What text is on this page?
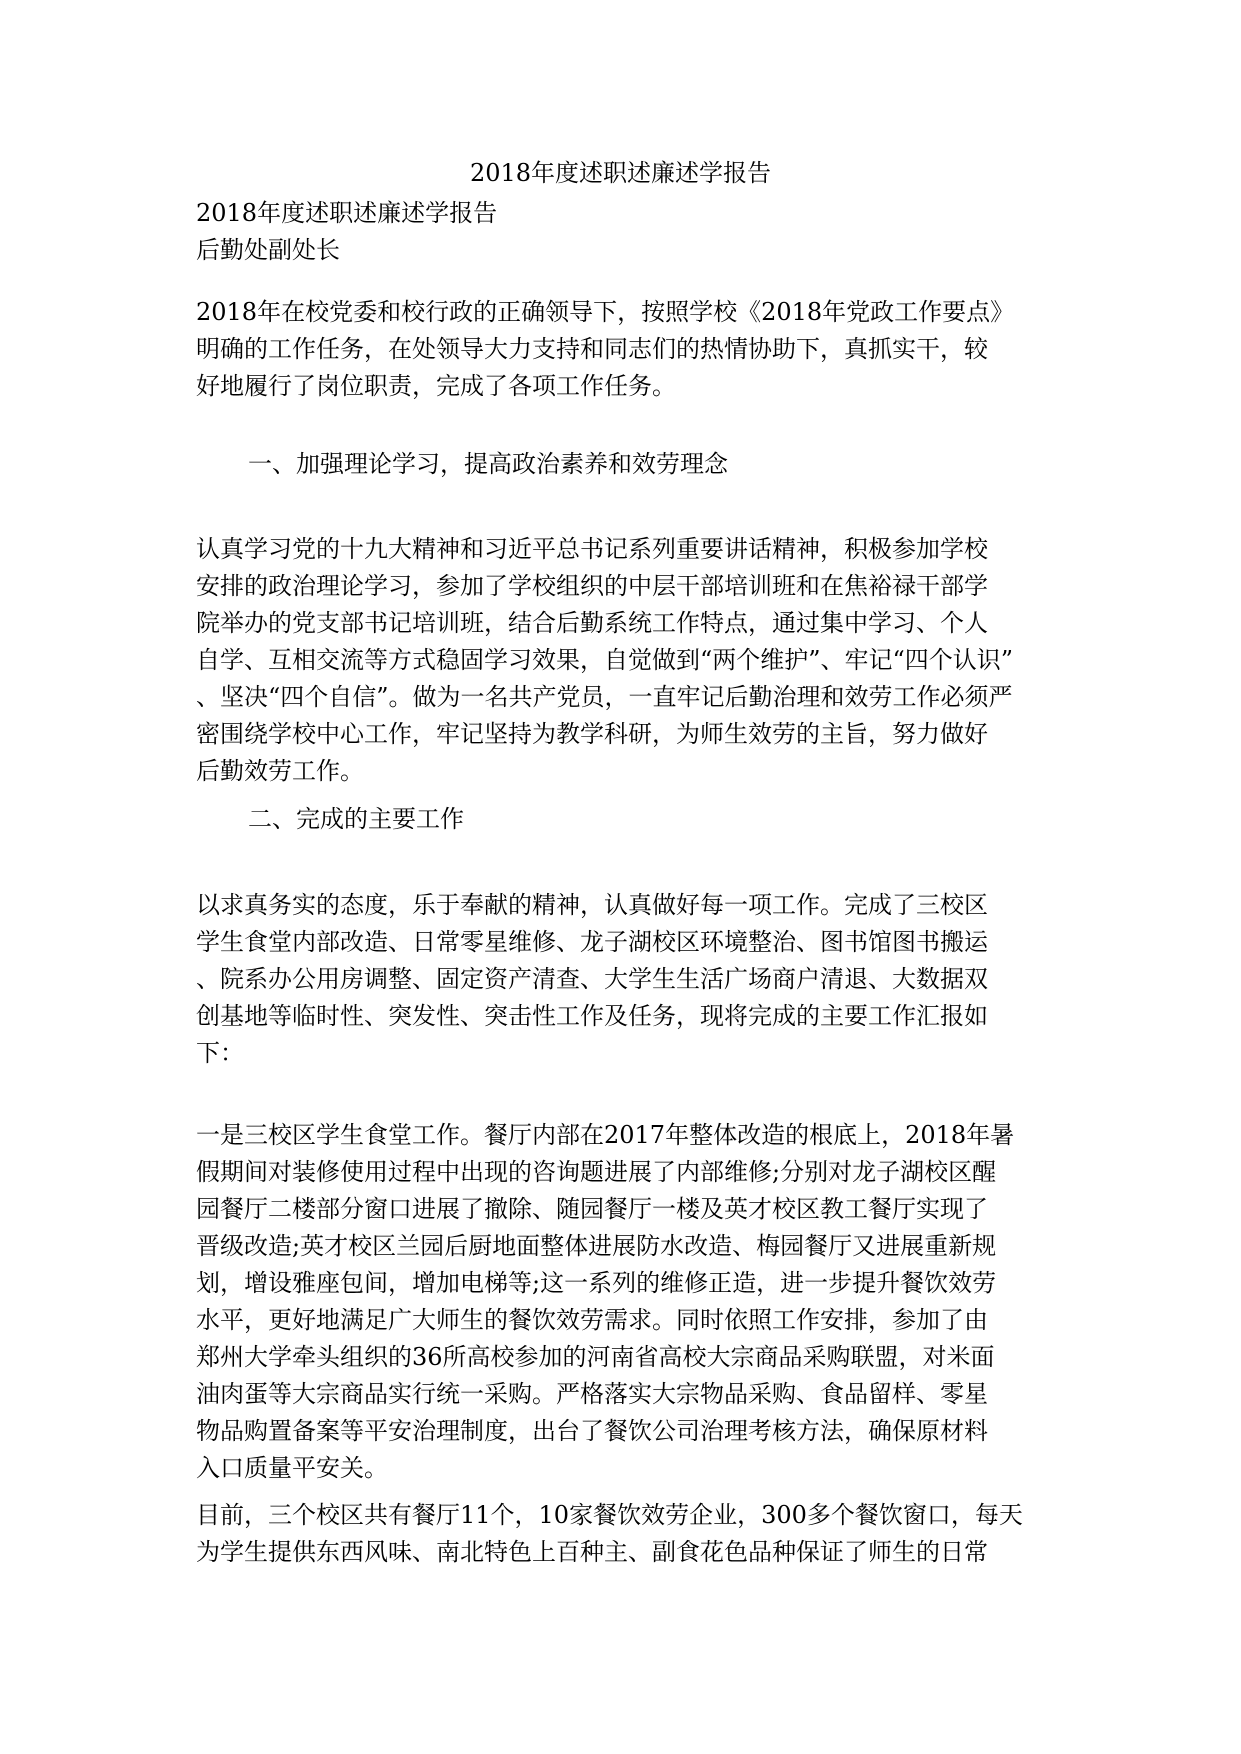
2018年度述职述廉述学报告
2018年度述职述廉述学报告
后勤处副处长
2018年在校党委和校行政的正确领导下，按照学校《2018年党政工作要点》
明确的工作任务，在处领导大力支持和同志们的热情协助下，真抓实干，较
好地履行了岗位职责，完成了各项工作任务。
一、加强理论学习，提高政治素养和效劳理念
认真学习党的十九大精神和习近平总书记系列重要讲话精神，积极参加学校
安排的政治理论学习，参加了学校组织的中层干部培训班和在焦裕禄干部学
院举办的党支部书记培训班，结合后勤系统工作特点，通过集中学习、个人
自学、互相交流等方式稳固学习效果，自觉做到“两个维护”、牢记“四个认识”
、坚决“四个自信”。做为一名共产党员，一直牢记后勤治理和效劳工作必须严
密围绕学校中心工作，牢记坚持为教学科研，为师生效劳的主旨，努力做好
后勤效劳工作。
二、完成的主要工作
以求真务实的态度，乐于奉献的精神，认真做好每一项工作。完成了三校区
学生食堂内部改造、日常零星维修、龙子湖校区环境整治、图书馆图书搬运
、院系办公用房调整、固定资产清查、大学生生活广场商户清退、大数据双
创基地等临时性、突发性、突击性工作及任务，现将完成的主要工作汇报如
下：
一是三校区学生食堂工作。餐厅内部在2017年整体改造的根底上，2018年暑
假期间对装修使用过程中出现的咨询题进展了内部维修;分别对龙子湖校区醒
园餐厅二楼部分窗口进展了撤除、随园餐厅一楼及英才校区教工餐厅实现了
晋级改造;英才校区兰园后厨地面整体进展防水改造、梅园餐厅又进展重新规
划，增设雅座包间，增加电梯等;这一系列的维修正造，进一步提升餐饮效劳
水平，更好地满足广大师生的餐饮效劳需求。同时依照工作安排，参加了由
郑州大学牵头组织的36所高校参加的河南省高校大宗商品采购联盟，对米面
油肉蛋等大宗商品实行统一采购。严格落实大宗物品采购、食品留样、零星
物品购置备案等平安治理制度，出台了餐饮公司治理考核方法，确保原材料
入口质量平安关。
目前，三个校区共有餐厅11个，10家餐饮效劳企业，300多个餐饮窗口，每天
为学生提供东西风味、南北特色上百种主、副食花色品种保证了师生的日常
